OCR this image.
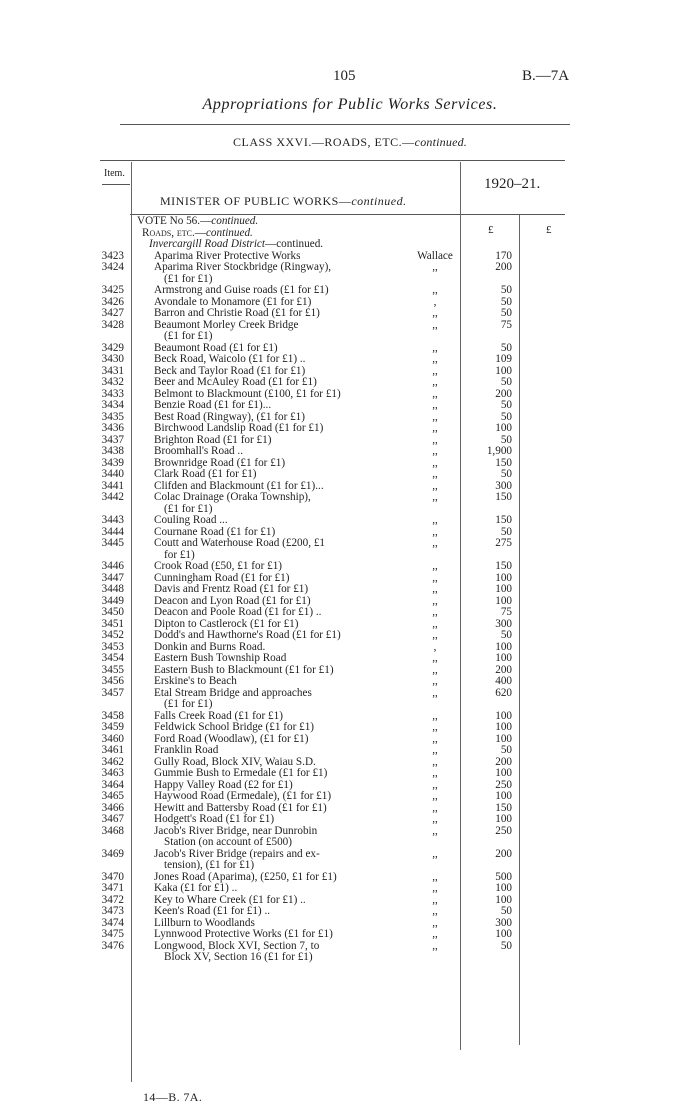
105	B.—7A
Appropriations for Public Works Services.
CLASS XXVI.—ROADS, ETC.—continued.
Item.
1920–21.
MINISTER OF PUBLIC WORKS—continued.
£	£
VOTE No 56.—continued.
Roads, etc.—continued.
Invercargill Road District—continued.
3423	Aparima River Protective Works	Wallace	170
3424	Aparima River Stockbridge (Ringway),	,,	200
(£1 for £1)
3425	Armstrong and Guise roads (£1 for £1)	,,	50
3426	Avondale to Monamore (£1 for £1)	,	50
3427	Barron and Christie Road (£1 for £1)	,,	50
3428	Beaumont Morley Creek Bridge	,,	75
(£1 for £1)
3429	Beaumont Road (£1 for £1)	,,	50
3430	Beck Road, Waicolo (£1 for £1) ..	,,	109
3431	Beck and Taylor Road (£1 for £1)	,,	100
3432	Beer and McAuley Road (£1 for £1)	,,	50
3433	Belmont to Blackmount (£100, £1 for £1)	,,	200
3434	Benzie Road (£1 for £1)...	,,	50
3435	Best Road (Ringway), (£1 for £1)	,,	50
3436	Birchwood Landslip Road (£1 for £1)	,,	100
3437	Brighton Road (£1 for £1)	,,	50
3438	Broomhall's Road ..	,,	1,900
3439	Brownridge Road (£1 for £1)	,,	150
3440	Clark Road (£1 for £1)	,,	50
3441	Clifden and Blackmount (£1 for £1)...	,,	300
3442	Colac Drainage (Oraka Township),	,,	150
(£1 for £1)
3443	Couling Road ...	,,	150
3444	Cournane Road (£1 for £1)	,,	50
3445	Coutt and Waterhouse Road (£200, £1	,,	275
for £1)
3446	Crook Road (£50, £1 for £1)	,,	150
3447	Cunningham Road (£1 for £1)	,,	100
3448	Davis and Frentz Road (£1 for £1)	,,	100
3449	Deacon and Lyon Road (£1 for £1)	,,	100
3450	Deacon and Poole Road (£1 for £1) ..	,,	75
3451	Dipton to Castlerock (£1 for £1)	,,	300
3452	Dodd's and Hawthorne's Road (£1 for £1)	,,	50
3453	Donkin and Burns Road.	,	100
3454	Eastern Bush Township Road	,,	100
3455	Eastern Bush to Blackmount (£1 for £1)	,,	200
3456	Erskine's to Beach	,,	400
3457	Etal Stream Bridge and approaches	,,	620
(£1 for £1)
3458	Falls Creek Road (£1 for £1)	,,	100
3459	Feldwick School Bridge (£1 for £1)	,,	100
3460	Ford Road (Woodlaw), (£1 for £1)	,,	100
3461	Franklin Road	,,	50
3462	Gully Road, Block XIV, Waiau S.D.	,,	200
3463	Gummie Bush to Ermedale (£1 for £1)	,,	100
3464	Happy Valley Road (£2 for £1)	,,	250
3465	Haywood Road (Ermedale), (£1 for £1)	,,	100
3466	Hewitt and Battersby Road (£1 for £1)	,,	150
3467	Hodgett's Road (£1 for £1)	,,	100
3468	Jacob's River Bridge, near Dunrobin	,,	250
Station (on account of £500)
3469	Jacob's River Bridge (repairs and ex-	,,	200
tension), (£1 for £1)
3470	Jones Road (Aparima), (£250, £1 for £1)	,,	500
3471	Kaka (£1 for £1) ..	,,	100
3472	Key to Whare Creek (£1 for £1) ..	,,	100
3473	Keen's Road (£1 for £1) ..	,,	50
3474	Lillburn to Woodlands	,,	300
3475	Lynnwood Protective Works (£1 for £1)	,,	100
3476	Longwood, Block XVI, Section 7, to	,,	50
Block XV, Section 16 (£1 for £1)
14—B. 7A.
